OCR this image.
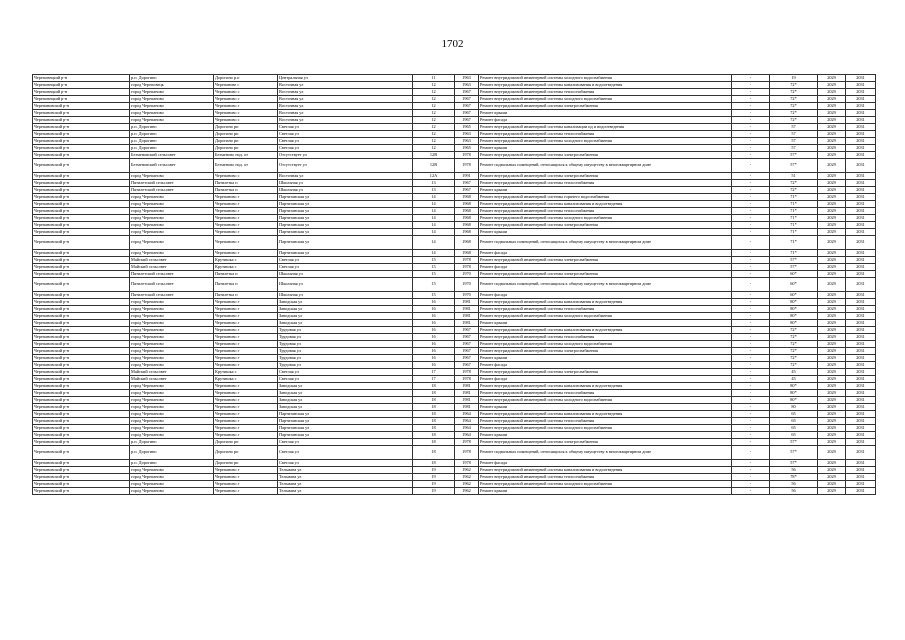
1702
Череповецкий р-н	р.п. Дорогино	Дорогино р.п	Центральная ул	11	1963	Ремонт внутридомовой инженерной системы холодного водоснабжения	-	19	2029	2031
Череповецкий р-н	город Череповецк	Черепанове с	Восточная ул	12	1963	Ремонт внутридомовой инженерной системы канализования и водоотведения	-	72*	2029	2031
Череповецкий р-н	город Черепаново	Черепаново с	Восточная ул	12	1967	Ремонт внутридомовой инженерной системы теплоснабжения	-	72*	2029	2031
Череповецкий р-н	город Черепаново	Черепаново с	Восточная ул	12	1967	Ремонт внутридомовой инженерной системы холодного водоснабжения	-	72*	2029	2031
Черепановский р-н	город Черепаново	Черепаново г	Восточная ул	12	1967	Ремонт внутридомовой инженерной системы электроснабжения	-	72*	2029	2031
Черепановский р-н	город Черепаново	Черепаново с	Восточная ул	12	1967	Ремонт крыши	-	72*	2029	2031
Черепановский р-н	город Черепаново	Черепаново с	Восточная ул	12	1967	Ремонт фасада	-	72*	2029	2031
Черепановский р-н	р.п. Дорогино	Дорогино рп	Светлая ул	12	1965	Ремонт внутридомовой инженерной системы канализации ид и водоотведения	-	57	2029	2031
Черепановский р-н	р.п. Дорогино	Дорогино рп	Светлая ул	12	1963	Ремонт внутридомовой инженерной системы теплоснабжения	-	57	2029	2031
Черепановский р-н	р.п. Дорогино	Дорогино рп	Светлая ул	12	1963	Ремонт внутридомовой инженерной системы холодного водоснабжения	-	57	2029	2031
Черепановский р-н	р.п. Дорогино	Дорогино рп	Светлая ул	12	1965	Ремонт крыши	-	57	2029	2031
Черепановский р-н	Безменовский сельсовет	Безменово нод. от	Отсутствует ул	12В	1978	Ремонт внутридомовой инженерной системы электроснабжения	-	57*	2029	2031
Черепановский р-н	Безменовский сельсовет	Безменово нод. от	Отсутствует ул	12В	1978	Ремонт подвальных помещений, относящихся к общему имуществу в многоквартирном доме	-	57*	2029	2031
Черепановский р-н	город Черепаново	Черепаново с	Восточная ул	12А	1991	Ремонт внутридомовой инженерной системы электроснабжения	-	51	2029	2031
Черепановский р-н	Пятилетский сельсовет	Пятилетка п	Школьная ул	13	1967	Ремонт внутридомовой инженерной системы теплоснабжения	-	72*	2029	2031
Черепановский р-н	Пятилетский сельсовет	Пятилетка п	Школьная ул	13	1967	Ремонт крыши	-	72*	2029	2031
Черепановский р-н	город Черепаново	Черепаново г	Партизанская ул	14	1968	Ремонт внутридомовой инженерной системы горячего водоснабжения	-	71*	2029	2031
Черепановский р-н	город Черепаново	Черепаново г	Партизанская ул	14	1968	Ремонт внутридомовой инженерной системы канализования и водоотведения	-	71*	2029	2031
Черепановский р-н	город Черепаново	Черепаново г	Партизанская ул	14	1968	Ремонт внутридомовой инженерной системы теплоснабжения	-	71*	2029	2031
Черепановский р-н	город Черепаново	Черепаново г	Партизанская ул	14	1968	Ремонт внутридомовой инженерной системы холодного водоснабжения	-	71*	2029	2031
Черепановский р-н	город Черепаново	Черепаново г	Партизанская ул	14	1968	Ремонт внутридомовой инженерной системы электроснабжения	-	71*	2029	2031
Черепановский р-н	город Черепаново	Черепаново г	Партизанская ул	14	1968	Ремонт крыши	-	71*	2029	2031
Черепановский р-н	город Черепаново	Черепаново г	Партизанская ул	14	1968	Ремонт подвальных помещений, относящихся к общему имуществу в многоквартирном доме	-	71*	2029	2031
Черепановский р-н	город Черепаново	Черепаново г	Партизанская ул	14	1968	Ремонт фасада	-	71*	2029	2031
Черепановский р-н	Майский сельсовет	Крутишка с	Светлая ул	15	1978	Ремонт внутридомовой инженерной системы электроснабжения	-	57*	2029	2031
Черепановский р-н	Майский сельсовет	Крутишка с	Светлая ул	15	1978	Ремонт фасада	-	57*	2029	2031
Черепановский р-н	Пятилетский сельсовет	Пятилетка п	Школьная ул	15	1970	Ремонт внутридомовой инженерной системы электроснабжения	-	60*	2029	2031
Черепановский р-н	Пятилетский сельсовет	Пятилетка п	Школьная ул	15	1970	Ремонт подвальных помещений, относящихся к общему имуществу в многоквартирном доме	-	60*	2029	2031
Черепановский р-н	Пятилетский сельсовет	Пятилетка п	Школьная ул	15	1970	Ремонт фасада	-	60*	2029	2031
Черепановский р-н	город Черепаново	Черепаново г	Заводская ул	16	1981	Ремонт внутридомовой инженерной системы канализования и водоотведения	-	80*	2029	2031
Черепановский р-н	город Черепаново	Черепаново г	Заводская ул	16	1981	Ремонт внутридомовой инженерной системы теплоснабжения	-	80*	2029	2031
Черепановский р-н	город Черепаново	Черепаново г	Заводская ул	16	1981	Ремонт внутридомовой инженерной системы холодного водоснабжения	-	80*	2029	2031
Черепановский р-н	город Черепаново	Черепаново г	Заводская ул	16	1981	Ремонт крыши	-	80*	2029	2031
Черепановский р-н	город Черепаново	Черепаново г	Трудовая ул	16	1967	Ремонт внутридомовой инженерной системы канализования и водоотведения	-	72*	2029	2031
Черепановский р-н	город Черепаново	Черепаново г	Трудовая ул	16	1967	Ремонт внутридомовой инженерной системы теплоснабжения	-	72*	2029	2031
Черепановский р-н	город Черепаново	Черепаново г	Трудовая ул	16	1967	Ремонт внутридомовой инженерной системы холодного водоснабжения	-	72*	2029	2031
Черепановский р-н	город Черепаново	Черепаново г	Трудовая ул	16	1967	Ремонт внутридомовой инженерной системы электроснабжения	-	72*	2029	2031
Черепановский р-н	город Черепаново	Черепаново г	Трудовая ул	16	1967	Ремонт крыши	-	72*	2029	2031
Черепановский р-н	город Черепаново	Черепаново г	Трудовая ул	16	1967	Ремонт фасада	-	72*	2029	2031
Черепановский р-н	Майский сельсовет	Крутишка с	Светлая ул	17	1978	Ремонт внутридомовой инженерной системы электроснабжения	-	45	2029	2031
Черепановский р-н	Майский сельсовет	Крутишка с	Светлая ул	17	1978	Ремонт фасада	-	45	2029	2031
Черепановский р-н	город Черепаново	Черепаново г	Заводская ул	18	1981	Ремонт внутридомовой инженерной системы канализования и водоотведения	-	80*	2029	2031
Черепановский р-н	город Черепаново	Черепаново г	Заводская ул	18	1981	Ремонт внутридомовой инженерной системы теплоснабжения	-	80*	2029	2031
Черепановский р-н	город Черепаново	Черепаново г	Заводская ул	18	1981	Ремонт внутридомовой инженерной системы холодного водоснабжения	-	80*	2029	2031
Черепановский р-н	город Черепаново	Черепаново г	Заводская ул	18	1981	Ремонт крыши	-	80	2029	2031
Черепановский р-н	город Черепаново	Черепаново г	Партизанская ул	18	1964	Ремонт внутридомовой инженерной системы канализования и водоотведения	-	65	2029	2031
Черепановский р-н	город Черепаново	Черепаново г	Партизанская ул	18	1964	Ремонт внутридомовой инженерной системы теплоснабжения	-	65	2029	2031
Черепановский р-н	город Черепаново	Черепаново г	Партизанская ул	18	1964	Ремонт внутридомовой инженерной системы холодного водоснабжения	-	65	2029	2031
Черепановский р-н	город Черепаново	Черепаново г	Партизанская ул	18	1964	Ремонт крыши	-	65	2029	2031
Черепановский р-н	р.п. Дорогино	Дорогино рп	Светлая ул	18	1978	Ремонт внутридомовой инженерной системы электроснабжения	-	57*	2029	2031
Черепановский р-н	р.п. Дорогино	Дорогино рп	Светлая ул	18	1978	Ремонт подвальных помещений, относящихся к общему имуществу в многоквартирном доме	-	57*	2029	2031
Черепановский р-н	р.п. Дорогино	Дорогино рп	Светлая ул	18	1978	Ремонт фасада	-	57*	2029	2031
Черепановский р-н	город Черепаново	Черепаново г	Тельмана ул	19	1962	Ремонт внутридомовой инженерной системы канализования и водоотведения	-	56	2029	2031
Черепановский р-н	город Черепаново	Черепаново г	Тельмана ул	19	1962	Ремонт внутридомовой инженерной системы теплоснабжения	-	78*	2029	2031
Черепановский р-н	город Черепаново	Черепаново г	Тельмана ул	19	1962	Ремонт внутридомовой инженерной системы холодного водоснабжения	-	56	2029	2031
Черепановский р-н	город Черепаново	Черепаново г	Тельмана ул	19	1962	Ремонт крыши	-	56	2029	2031
